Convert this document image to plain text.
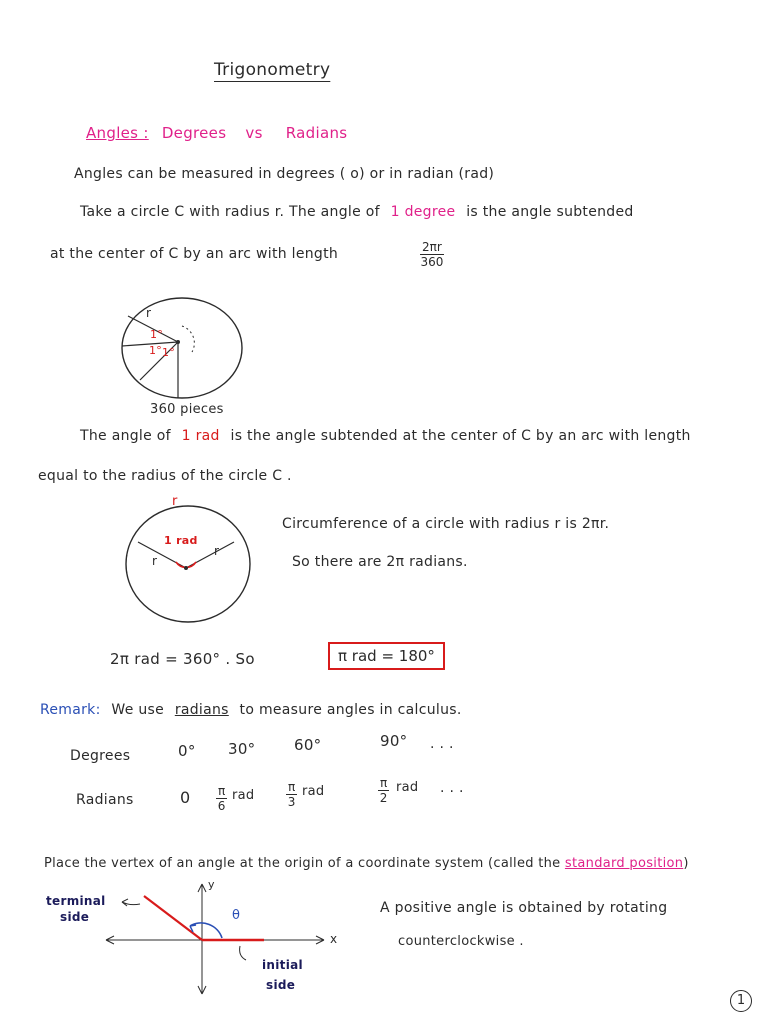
Trigonometry
Angles : Degrees vs Radians
Angles can be measured in degrees ( o) or in radian (rad)
Take a circle C with radius r. The angle of 1 degree is the angle subtended
at the center of C by an arc with length	$\frac{2\pi r}{360}$
r
1°
1° 1°
360 pieces
The angle of 1 rad is the angle subtended at the center of C by an arc with length
equal to the radius of the circle C .
r
1 rad
r
r
Circumference of a circle with radius r is 2πr.
So there are 2π radians.
2π rad = 360° . So	π rad = 180°
Remark: We use radians to measure angles in calculus.
Degrees	0° 30°	60°	90° . . .
Radians	$0 \frac{\pi}{6}$ rad	$\frac{\pi}{3}$ rad	$\frac{\pi}{2}$ rad . . .
Place the vertex of an angle at the origin of a coordinate system (called the standard position)
terminal
side
initial
side
θ
x
y
A positive angle is obtained by rotating
counterclockwise .
1
